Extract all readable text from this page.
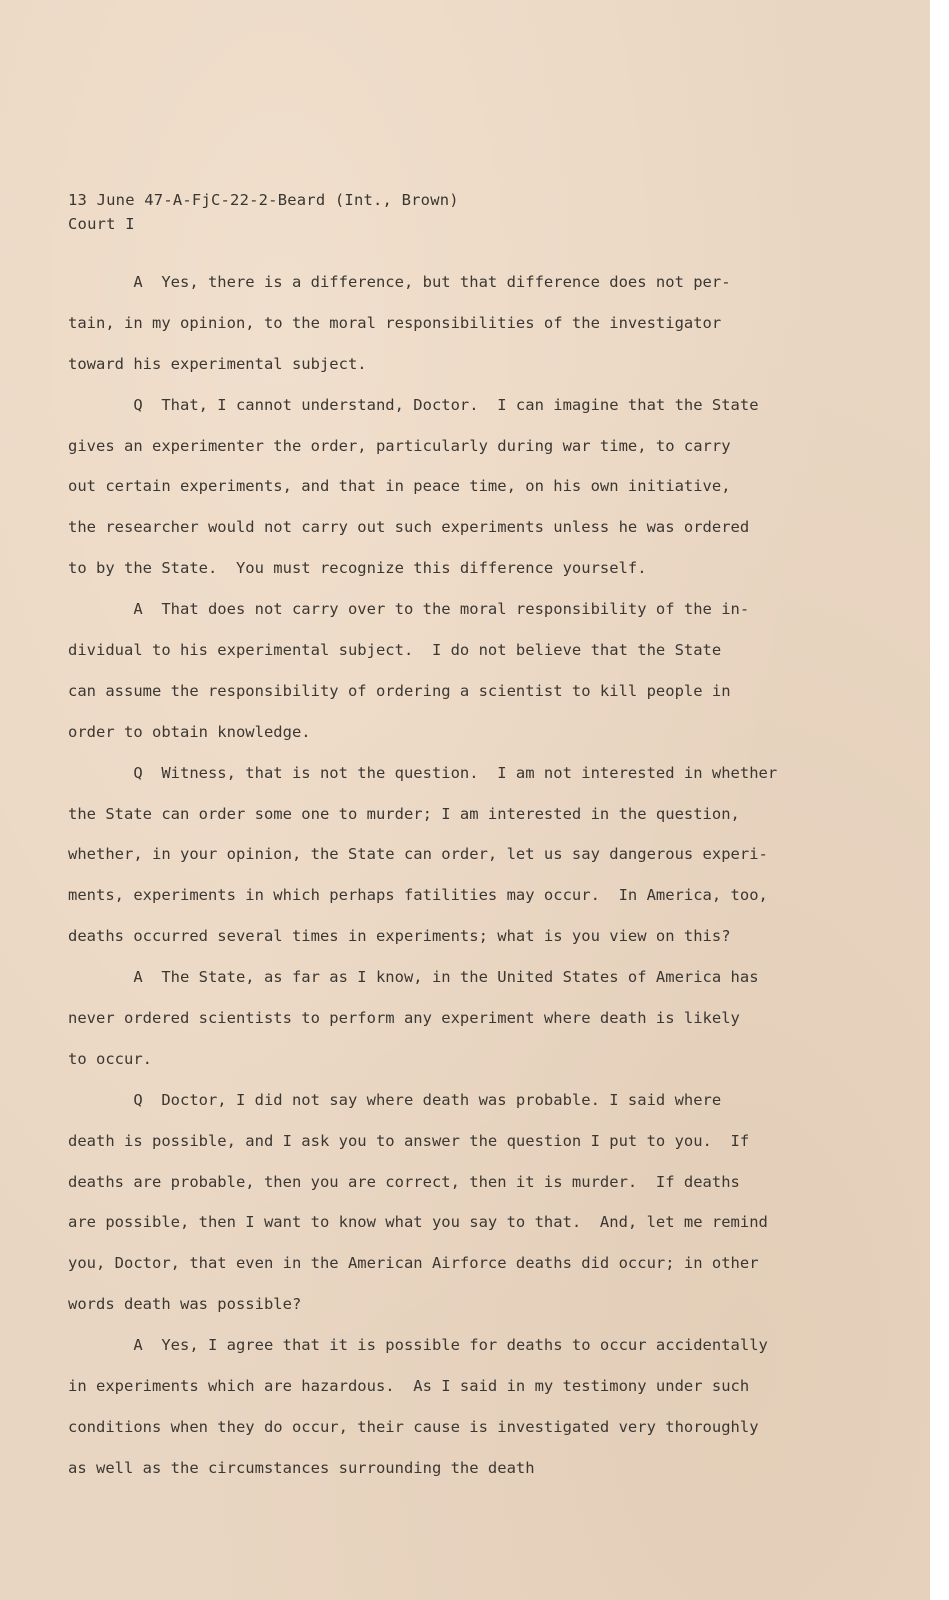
13 June 47-A-FjC-22-2-Beard (Int., Brown)
Court I
A  Yes, there is a difference, but that difference does not per-
tain, in my opinion, to the moral responsibilities of the investigator
toward his experimental subject.
Q  That, I cannot understand, Doctor.  I can imagine that the State
gives an experimenter the order, particularly during war time, to carry
out certain experiments, and that in peace time, on his own initiative,
the researcher would not carry out such experiments unless he was ordered
to by the State.  You must recognize this difference yourself.
A  That does not carry over to the moral responsibility of the in-
dividual to his experimental subject.  I do not believe that the State
can assume the responsibility of ordering a scientist to kill people in
order to obtain knowledge.
Q  Witness, that is not the question.  I am not interested in whether
the State can order some one to murder; I am interested in the question,
whether, in your opinion, the State can order, let us say dangerous experi-
ments, experiments in which perhaps fatilities may occur.  In America, too,
deaths occurred several times in experiments; what is you view on this?
A  The State, as far as I know, in the United States of America has
never ordered scientists to perform any experiment where death is likely
to occur.
Q  Doctor, I did not say where death was probable. I said where
death is possible, and I ask you to answer the question I put to you.  If
deaths are probable, then you are correct, then it is murder.  If deaths
are possible, then I want to know what you say to that.  And, let me remind
you, Doctor, that even in the American Airforce deaths did occur; in other
words death was possible?
A  Yes, I agree that it is possible for deaths to occur accidentally
in experiments which are hazardous.  As I said in my testimony under such
conditions when they do occur, their cause is investigated very thoroughly
as well as the circumstances surrounding the death
